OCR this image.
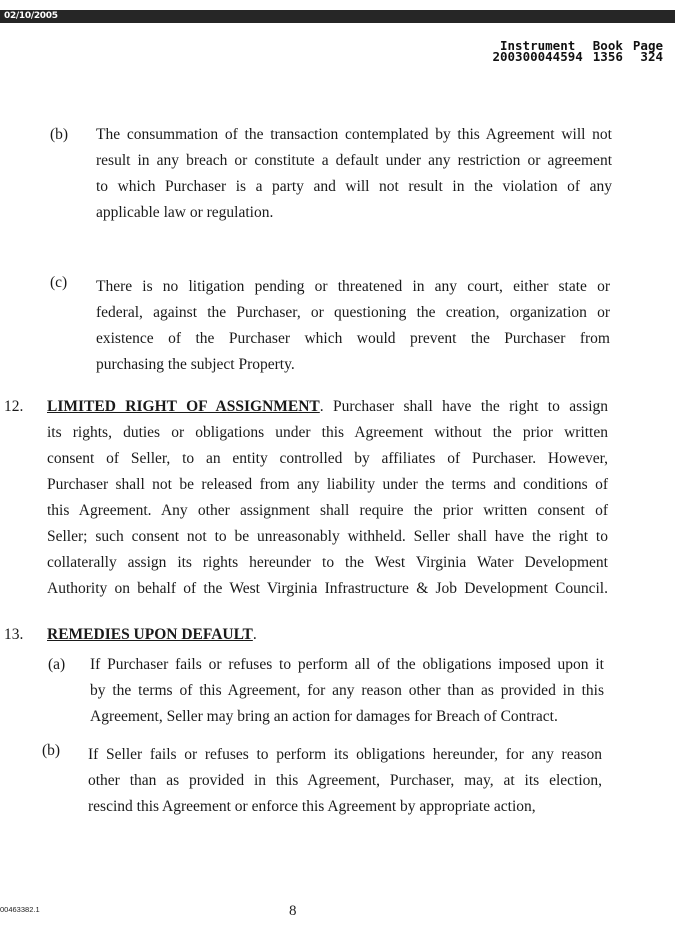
02/10/2005
Instrument
200300044594
Book
1356
Page
324
(b) The consummation of the transaction contemplated by this Agreement will not
result in any breach or constitute a default under any restriction or agreement
to which Purchaser is a party and will not result in the violation of any
applicable law or regulation.
(c) There is no litigation pending or threatened in any court, either state or
federal, against the Purchaser, or questioning the creation, organization or
existence of the Purchaser which would prevent the Purchaser from
purchasing the subject Property.
12. LIMITED RIGHT OF ASSIGNMENT. Purchaser shall have the right to assign
its rights, duties or obligations under this Agreement without the prior written
consent of Seller, to an entity controlled by affiliates of Purchaser. However,
Purchaser shall not be released from any liability under the terms and conditions of
this Agreement. Any other assignment shall require the prior written consent of
Seller; such consent not to be unreasonably withheld. Seller shall have the right to
collaterally assign its rights hereunder to the West Virginia Water Development
Authority on behalf of the West Virginia Infrastructure & Job Development Council.
13. REMEDIES UPON DEFAULT.
(a) If Purchaser fails or refuses to perform all of the obligations imposed upon it
by the terms of this Agreement, for any reason other than as provided in this
Agreement, Seller may bring an action for damages for Breach of Contract.
(b) If Seller fails or refuses to perform its obligations hereunder, for any reason
other than as provided in this Agreement, Purchaser, may, at its election,
rescind this Agreement or enforce this Agreement by appropriate action,
00463382.1	8
